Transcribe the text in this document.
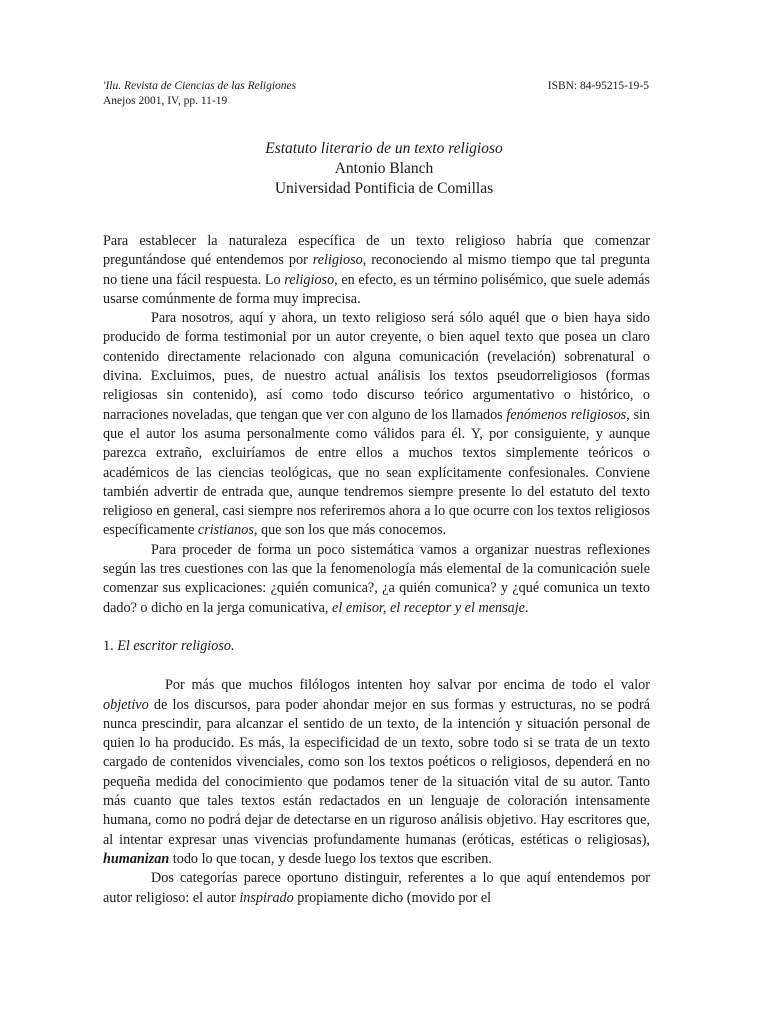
'Ilu. Revista de Ciencias de las Religiones
Anejos 2001, IV, pp. 11-19
ISBN: 84-95215-19-5
Estatuto literario de un texto religioso
Antonio Blanch
Universidad Pontificia de Comillas

Para establecer la naturaleza específica de un texto religioso habría que comenzar preguntándose qué entendemos por religioso, reconociendo al mismo tiempo que tal pregunta no tiene una fácil respuesta. Lo religioso, en efecto, es un término polisémico, que suele además usarse comúnmente de forma muy imprecisa.

Para nosotros, aquí y ahora, un texto religioso será sólo aquél que o bien haya sido producido de forma testimonial por un autor creyente, o bien aquel texto que posea un claro contenido directamente relacionado con alguna comunicación (revelación) sobrenatural o divina. Excluimos, pues, de nuestro actual análisis los textos pseudorreligiosos (formas religiosas sin contenido), así como todo discurso teórico argumentativo o histórico, o narraciones noveladas, que tengan que ver con alguno de los llamados fenómenos religiosos, sin que el autor los asuma personalmente como válidos para él. Y, por consiguiente, y aunque parezca extraño, excluiríamos de entre ellos a muchos textos simplemente teóricos o académicos de las ciencias teológicas, que no sean explícitamente confesionales. Conviene también advertir de entrada que, aunque tendremos siempre presente lo del estatuto del texto religioso en general, casi siempre nos referiremos ahora a lo que ocurre con los textos religiosos específicamente cristianos, que son los que más conocemos.

Para proceder de forma un poco sistemática vamos a organizar nuestras reflexiones según las tres cuestiones con las que la fenomenología más elemental de la comunicación suele comenzar sus explicaciones: ¿quién comunica?, ¿a quién comunica? y ¿qué comunica un texto dado? o dicho en la jerga comunicativa, el emisor, el receptor y el mensaje.

1. El escritor religioso.

Por más que muchos filólogos intenten hoy salvar por encima de todo el valor objetivo de los discursos, para poder ahondar mejor en sus formas y estructuras, no se podrá nunca prescindir, para alcanzar el sentido de un texto, de la intención y situación personal de quien lo ha producido. Es más, la especificidad de un texto, sobre todo si se trata de un texto cargado de contenidos vivenciales, como son los textos poéticos o religiosos, dependerá en no pequeña medida del conocimiento que podamos tener de la situación vital de su autor. Tanto más cuanto que tales textos están redactados en un lenguaje de coloración intensamente humana, como no podrá dejar de detectarse en un riguroso análisis objetivo. Hay escritores que, al intentar expresar unas vivencias profundamente humanas (eróticas, estéticas o religiosas), humanizan todo lo que tocan, y desde luego los textos que escriben.

Dos categorías parece oportuno distinguir, referentes a lo que aquí entendemos por autor religioso: el autor inspirado propiamente dicho (movido por el
